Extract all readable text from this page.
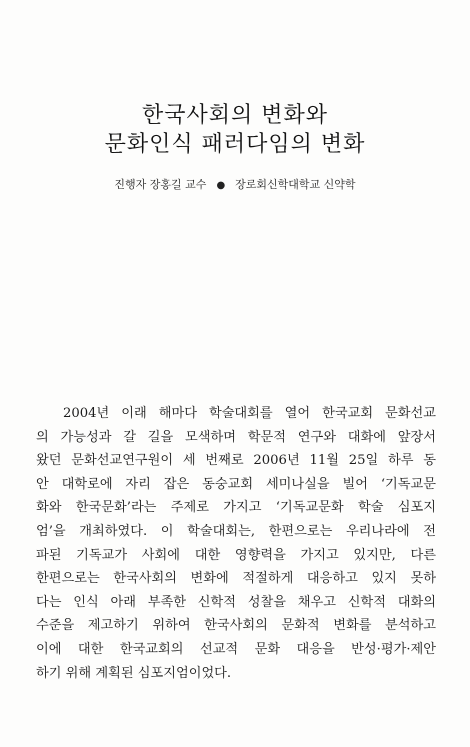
한국사회의 변화와
문화인식 패러다임의 변화
진행자 장홍길 교수 ● 장로회신학대학교 신약학
2004년 이래 해마다 학술대회를 열어 한국교회 문화선교
의 가능성과 갈 길을 모색하며 학문적 연구와 대화에 앞장서
왔던 문화선교연구원이 세 번째로 2006년 11월 25일 하루 동
안 대학로에 자리 잡은 동숭교회 세미나실을 빌어 ‘기독교문
화와 한국문화’라는 주제로 가지고 ‘기독교문화 학술 심포지
엄’을 개최하였다. 이 학술대회는, 한편으로는 우리나라에 전
파된 기독교가 사회에 대한 영향력을 가지고 있지만, 다른
한편으로는 한국사회의 변화에 적절하게 대응하고 있지 못하
다는 인식 아래 부족한 신학적 성찰을 채우고 신학적 대화의
수준을 제고하기 위하여 한국사회의 문화적 변화를 분석하고
이에 대한 한국교회의 선교적 문화 대응을 반성·평가·제안
하기 위해 계획된 심포지엄이었다.
